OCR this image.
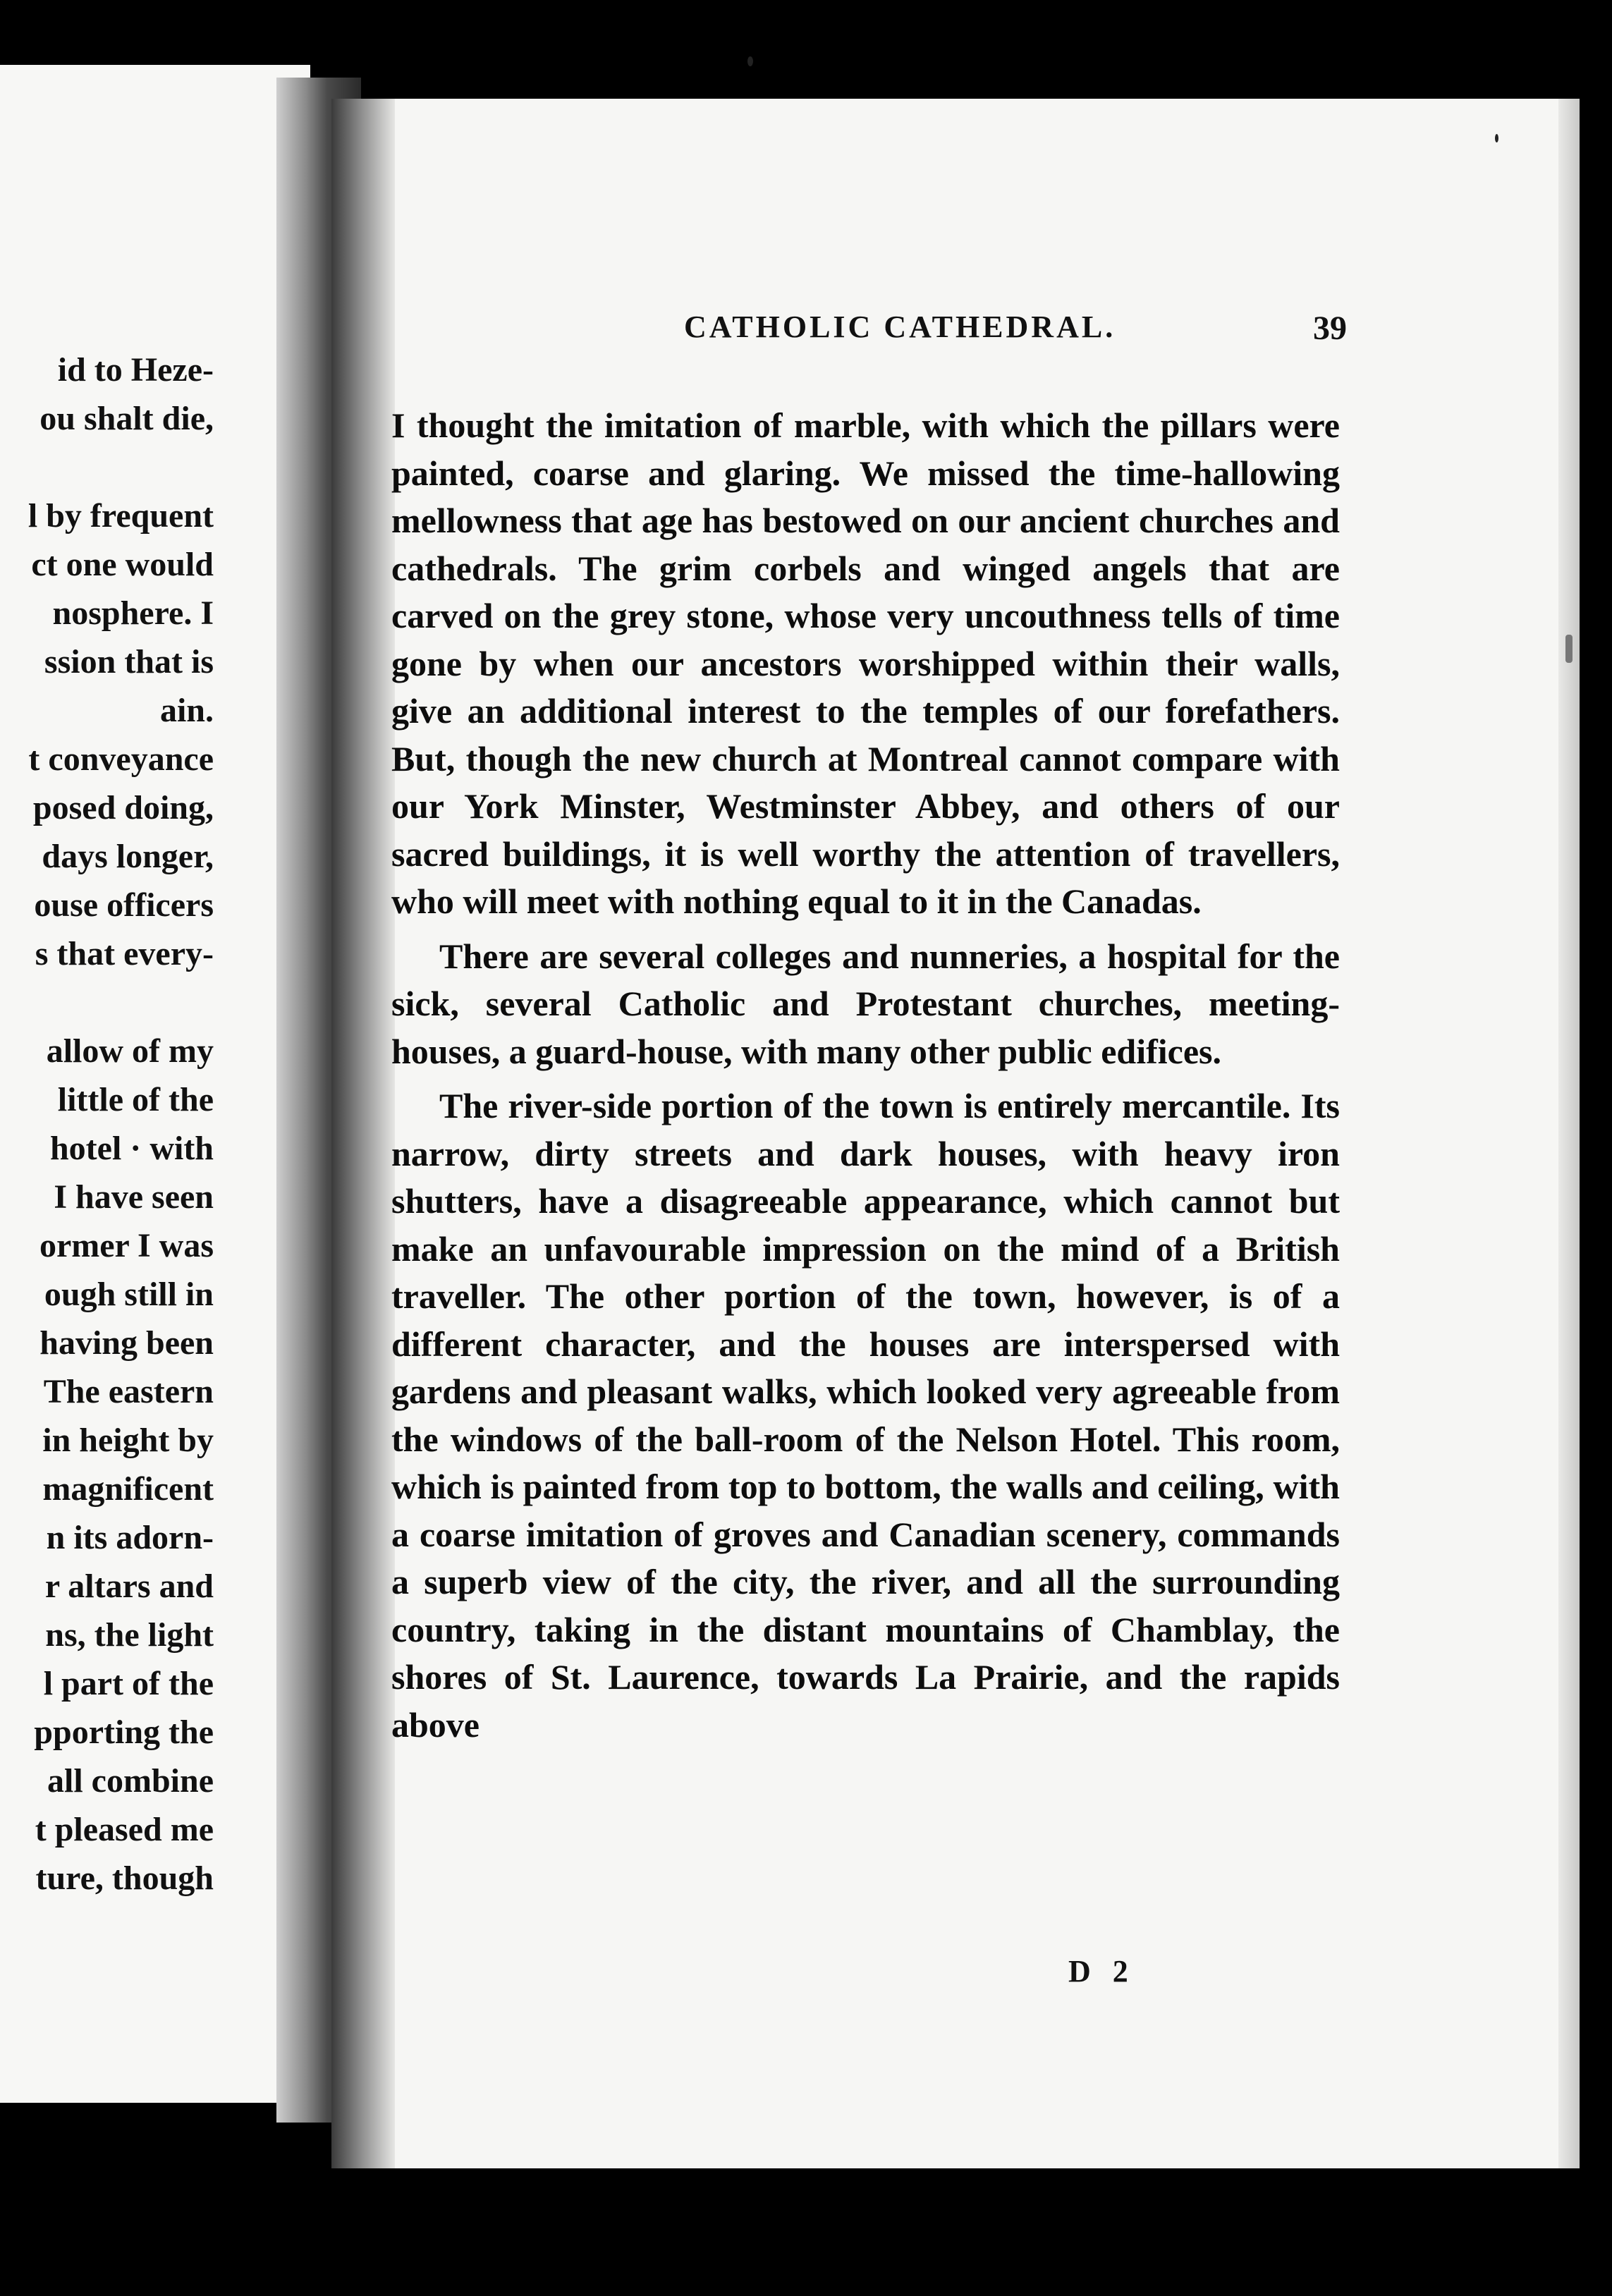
id to Heze-
ou shalt die,

l by frequent
ct one would
nosphere. I
ssion that is
ain.
t conveyance
posed doing,
days longer,
ouse officers
s that every-

allow of my
little of the
hotel · with
I have seen
ormer I was
ough still in
having been
The eastern
in height by
magnificent
n its adorn-
r altars and
ns, the light
l part of the
pporting the
all combine
t pleased me
ture, though
CATHOLIC CATHEDRAL.	39

I thought the imitation of marble, with which the pillars were painted, coarse and glaring. We missed the time-hallowing mellowness that age has bestowed on our ancient churches and cathedrals. The grim corbels and winged angels that are carved on the grey stone, whose very uncouthness tells of time gone by when our ancestors worshipped within their walls, give an additional interest to the temples of our forefathers. But, though the new church at Montreal cannot compare with our York Minster, Westminster Abbey, and others of our sacred buildings, it is well worthy the attention of travellers, who will meet with nothing equal to it in the Canadas.

There are several colleges and nunneries, a hospital for the sick, several Catholic and Protestant churches, meeting-houses, a guard-house, with many other public edifices.

The river-side portion of the town is entirely mercantile. Its narrow, dirty streets and dark houses, with heavy iron shutters, have a disagreeable appearance, which cannot but make an unfavourable impression on the mind of a British traveller. The other portion of the town, however, is of a different character, and the houses are interspersed with gardens and pleasant walks, which looked very agreeable from the windows of the ball-room of the Nelson Hotel. This room, which is painted from top to bottom, the walls and ceiling, with a coarse imitation of groves and Canadian scenery, commands a superb view of the city, the river, and all the surrounding country, taking in the distant mountains of Chamblay, the shores of St. Laurence, towards La Prairie, and the rapids above

D 2
